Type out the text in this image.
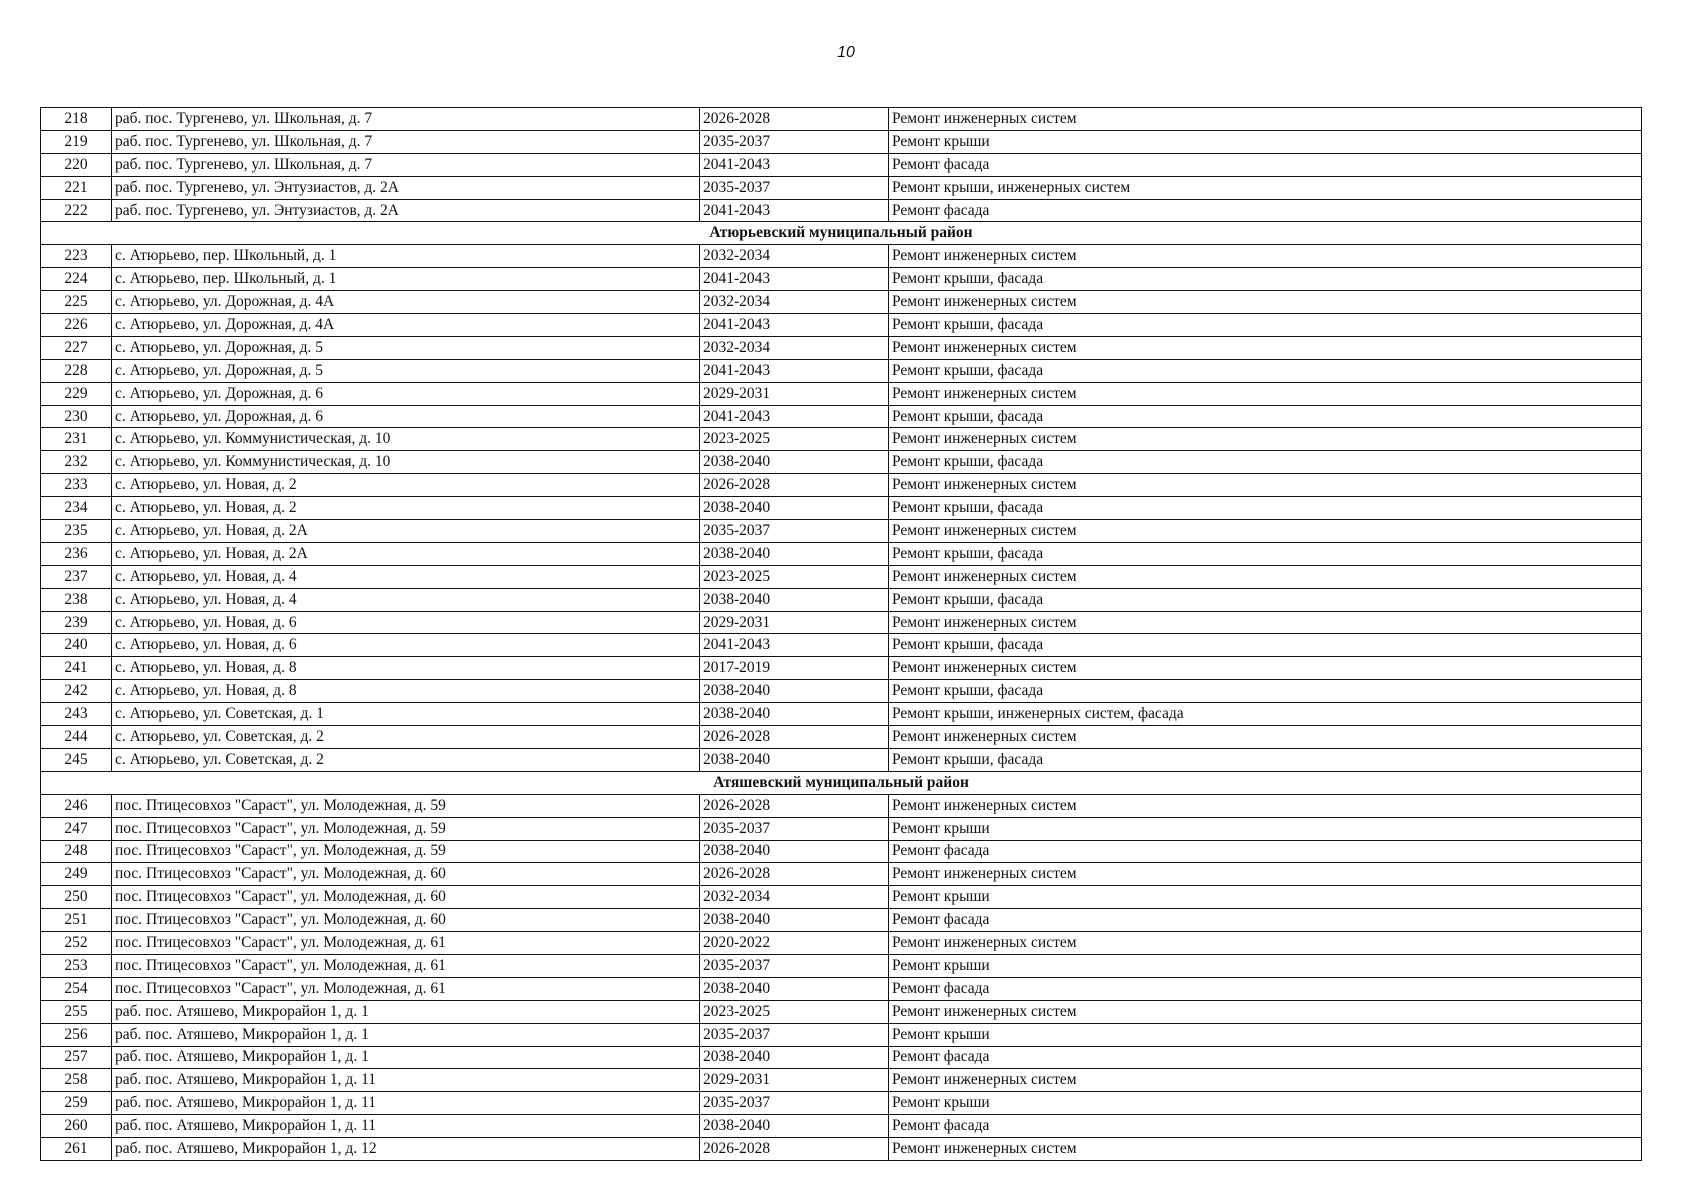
10
218	раб. пос. Тургенево, ул. Школьная, д. 7	2026-2028	Ремонт инженерных систем
219	раб. пос. Тургенево, ул. Школьная, д. 7	2035-2037	Ремонт крыши
220	раб. пос. Тургенево, ул. Школьная, д. 7	2041-2043	Ремонт фасада
221	раб. пос. Тургенево, ул. Энтузиастов, д. 2А	2035-2037	Ремонт крыши, инженерных систем
222	раб. пос. Тургенево, ул. Энтузиастов, д. 2А	2041-2043	Ремонт фасада
Атюрьевский муниципальный район			
223	с. Атюрьево, пер. Школьный, д. 1	2032-2034	Ремонт инженерных систем
224	с. Атюрьево, пер. Школьный, д. 1	2041-2043	Ремонт крыши, фасада
225	с. Атюрьево, ул. Дорожная, д. 4А	2032-2034	Ремонт инженерных систем
226	с. Атюрьево, ул. Дорожная, д. 4А	2041-2043	Ремонт крыши, фасада
227	с. Атюрьево, ул. Дорожная, д. 5	2032-2034	Ремонт инженерных систем
228	с. Атюрьево, ул. Дорожная, д. 5	2041-2043	Ремонт крыши, фасада
229	с. Атюрьево, ул. Дорожная, д. 6	2029-2031	Ремонт инженерных систем
230	с. Атюрьево, ул. Дорожная, д. 6	2041-2043	Ремонт крыши, фасада
231	с. Атюрьево, ул. Коммунистическая, д. 10	2023-2025	Ремонт инженерных систем
232	с. Атюрьево, ул. Коммунистическая, д. 10	2038-2040	Ремонт крыши, фасада
233	с. Атюрьево, ул. Новая, д. 2	2026-2028	Ремонт инженерных систем
234	с. Атюрьево, ул. Новая, д. 2	2038-2040	Ремонт крыши, фасада
235	с. Атюрьево, ул. Новая, д. 2А	2035-2037	Ремонт инженерных систем
236	с. Атюрьево, ул. Новая, д. 2А	2038-2040	Ремонт крыши, фасада
237	с. Атюрьево, ул. Новая, д. 4	2023-2025	Ремонт инженерных систем
238	с. Атюрьево, ул. Новая, д. 4	2038-2040	Ремонт крыши, фасада
239	с. Атюрьево, ул. Новая, д. 6	2029-2031	Ремонт инженерных систем
240	с. Атюрьево, ул. Новая, д. 6	2041-2043	Ремонт крыши, фасада
241	с. Атюрьево, ул. Новая, д. 8	2017-2019	Ремонт инженерных систем
242	с. Атюрьево, ул. Новая, д. 8	2038-2040	Ремонт крыши, фасада
243	с. Атюрьево, ул. Советская, д. 1	2038-2040	Ремонт крыши, инженерных систем, фасада
244	с. Атюрьево, ул. Советская, д. 2	2026-2028	Ремонт инженерных систем
245	с. Атюрьево, ул. Советская, д. 2	2038-2040	Ремонт крыши, фасада
Атяшевский муниципальный район			
246	пос. Птицесовхоз "Сараст", ул. Молодежная, д. 59	2026-2028	Ремонт инженерных систем
247	пос. Птицесовхоз "Сараст", ул. Молодежная, д. 59	2035-2037	Ремонт крыши
248	пос. Птицесовхоз "Сараст", ул. Молодежная, д. 59	2038-2040	Ремонт фасада
249	пос. Птицесовхоз "Сараст", ул. Молодежная, д. 60	2026-2028	Ремонт инженерных систем
250	пос. Птицесовхоз "Сараст", ул. Молодежная, д. 60	2032-2034	Ремонт крыши
251	пос. Птицесовхоз "Сараст", ул. Молодежная, д. 60	2038-2040	Ремонт фасада
252	пос. Птицесовхоз "Сараст", ул. Молодежная, д. 61	2020-2022	Ремонт инженерных систем
253	пос. Птицесовхоз "Сараст", ул. Молодежная, д. 61	2035-2037	Ремонт крыши
254	пос. Птицесовхоз "Сараст", ул. Молодежная, д. 61	2038-2040	Ремонт фасада
255	раб. пос. Атяшево, Микрорайон 1, д. 1	2023-2025	Ремонт инженерных систем
256	раб. пос. Атяшево, Микрорайон 1, д. 1	2035-2037	Ремонт крыши
257	раб. пос. Атяшево, Микрорайон 1, д. 1	2038-2040	Ремонт фасада
258	раб. пос. Атяшево, Микрорайон 1, д. 11	2029-2031	Ремонт инженерных систем
259	раб. пос. Атяшево, Микрорайон 1, д. 11	2035-2037	Ремонт крыши
260	раб. пос. Атяшево, Микрорайон 1, д. 11	2038-2040	Ремонт фасада
261	раб. пос. Атяшево, Микрорайон 1, д. 12	2026-2028	Ремонт инженерных систем
